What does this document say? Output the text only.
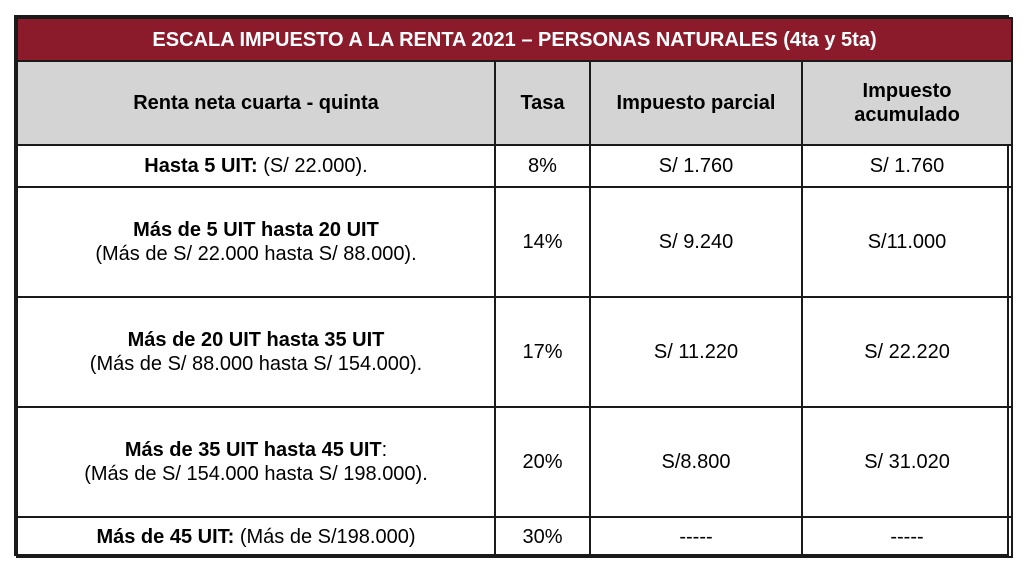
ESCALA IMPUESTO A LA RENTA 2021 – PERSONAS NATURALES (4ta y 5ta)			
Renta neta cuarta - quinta	Tasa	Impuesto parcial	Impuesto
acumulado

Hasta 5 UIT: (S/ 22.000).	8%	S/ 1.760	S/ 1.760

Más de 5 UIT hasta 20 UIT
(Más de S/ 22.000 hasta S/ 88.000).	14%	S/ 9.240	S/11.000

Más de 20 UIT hasta 35 UIT
(Más de S/ 88.000 hasta S/ 154.000).	17%	S/ 11.220	S/ 22.220

Más de 35 UIT hasta 45 UIT:
(Más de S/ 154.000 hasta S/ 198.000).	20%	S/8.800	S/ 31.020
Más de 45 UIT: (Más de S/198.000)	30%	-----	-----
